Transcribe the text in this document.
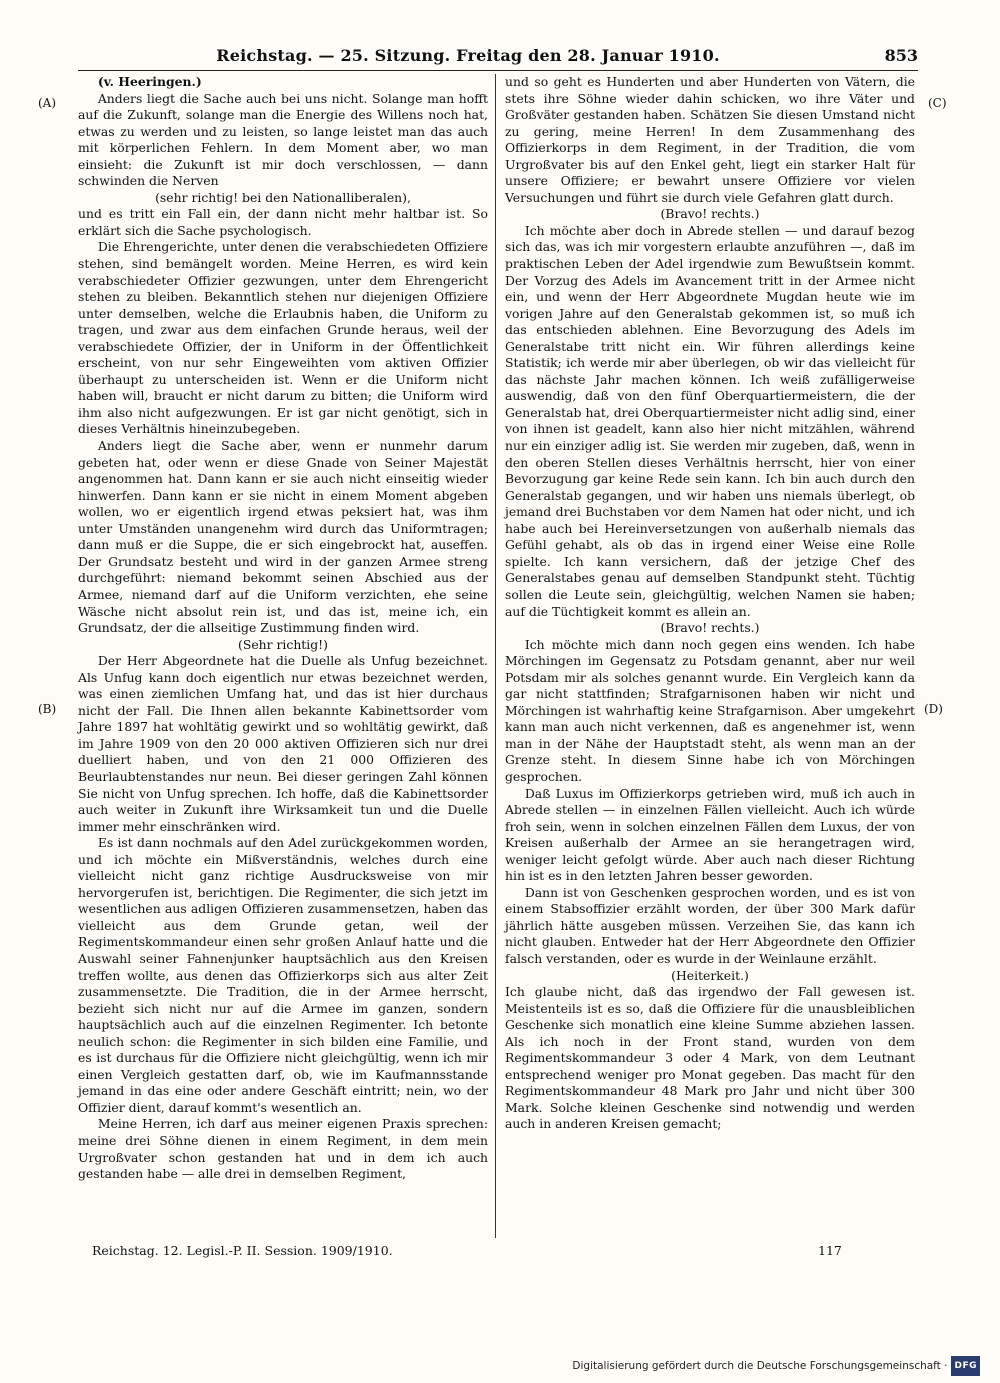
Reichstag. — 25. Sitzung. Freitag den 28. Januar 1910.	853
(A)
(B)
(C)
(D)

(v. Heeringen.)

Anders liegt die Sache auch bei uns nicht. Solange man hofft auf die Zukunft, solange man die Energie des Willens noch hat, etwas zu werden und zu leisten, so lange leistet man das auch mit körperlichen Fehlern. In dem Moment aber, wo man einsieht: die Zukunft ist mir doch verschlossen, — dann schwinden die Nerven

(sehr richtig! bei den Nationalliberalen),

und es tritt ein Fall ein, der dann nicht mehr haltbar ist. So erklärt sich die Sache psychologisch.

Die Ehrengerichte, unter denen die verabschiedeten Offiziere stehen, sind bemängelt worden. Meine Herren, es wird kein verabschiedeter Offizier gezwungen, unter dem Ehrengericht stehen zu bleiben. Bekanntlich stehen nur diejenigen Offiziere unter demselben, welche die Erlaubnis haben, die Uniform zu tragen, und zwar aus dem einfachen Grunde heraus, weil der verabschiedete Offizier, der in Uniform in der Öffentlichkeit erscheint, von nur sehr Eingeweihten vom aktiven Offizier überhaupt zu unterscheiden ist. Wenn er die Uniform nicht haben will, braucht er nicht darum zu bitten; die Uniform wird ihm also nicht aufgezwungen. Er ist gar nicht genötigt, sich in dieses Verhältnis hineinzubegeben.

Anders liegt die Sache aber, wenn er nunmehr darum gebeten hat, oder wenn er diese Gnade von Seiner Majestät angenommen hat. Dann kann er sie auch nicht einseitig wieder hinwerfen. Dann kann er sie nicht in einem Moment abgeben wollen, wo er eigentlich irgend etwas peksiert hat, was ihm unter Umständen unangenehm wird durch das Uniformtragen; dann muß er die Suppe, die er sich eingebrockt hat, auseffen. Der Grundsatz besteht und wird in der ganzen Armee streng durchgeführt: niemand bekommt seinen Abschied aus der Armee, niemand darf auf die Uniform verzichten, ehe seine Wäsche nicht absolut rein ist, und das ist, meine ich, ein Grundsatz, der die allseitige Zustimmung finden wird.

(Sehr richtig!)

Der Herr Abgeordnete hat die Duelle als Unfug bezeichnet. Als Unfug kann doch eigentlich nur etwas bezeichnet werden, was einen ziemlichen Umfang hat, und das ist hier durchaus nicht der Fall. Die Ihnen allen bekannte Kabinettsorder vom Jahre 1897 hat wohltätig gewirkt und so wohltätig gewirkt, daß im Jahre 1909 von den 20 000 aktiven Offizieren sich nur drei duelliert haben, und von den 21 000 Offizieren des Beurlaubtenstandes nur neun. Bei dieser geringen Zahl können Sie nicht von Unfug sprechen. Ich hoffe, daß die Kabinettsorder auch weiter in Zukunft ihre Wirksamkeit tun und die Duelle immer mehr einschränken wird.

Es ist dann nochmals auf den Adel zurückgekommen worden, und ich möchte ein Mißverständnis, welches durch eine vielleicht nicht ganz richtige Ausdrucksweise von mir hervorgerufen ist, berichtigen. Die Regimenter, die sich jetzt im wesentlichen aus adligen Offizieren zusammensetzen, haben das vielleicht aus dem Grunde getan, weil der Regimentskommandeur einen sehr großen Anlauf hatte und die Auswahl seiner Fahnenjunker hauptsächlich aus den Kreisen treffen wollte, aus denen das Offizierkorps sich aus alter Zeit zusammensetzte. Die Tradition, die in der Armee herrscht, bezieht sich nicht nur auf die Armee im ganzen, sondern hauptsächlich auch auf die einzelnen Regimenter. Ich betonte neulich schon: die Regimenter in sich bilden eine Familie, und es ist durchaus für die Offiziere nicht gleichgültig, wenn ich mir einen Vergleich gestatten darf, ob, wie im Kaufmannsstande jemand in das eine oder andere Geschäft eintritt; nein, wo der Offizier dient, darauf kommt's wesentlich an.

Meine Herren, ich darf aus meiner eigenen Praxis sprechen: meine drei Söhne dienen in einem Regiment, in dem mein Urgroßvater schon gestanden hat und in dem ich auch gestanden habe — alle drei in demselben Regiment,

und so geht es Hunderten und aber Hunderten von Vätern, die stets ihre Söhne wieder dahin schicken, wo ihre Väter und Großväter gestanden haben. Schätzen Sie diesen Umstand nicht zu gering, meine Herren! In dem Zusammenhang des Offizierkorps in dem Regiment, in der Tradition, die vom Urgroßvater bis auf den Enkel geht, liegt ein starker Halt für unsere Offiziere; er bewahrt unsere Offiziere vor vielen Versuchungen und führt sie durch viele Gefahren glatt durch.

(Bravo! rechts.)

Ich möchte aber doch in Abrede stellen — und darauf bezog sich das, was ich mir vorgestern erlaubte anzuführen —, daß im praktischen Leben der Adel irgendwie zum Bewußtsein kommt. Der Vorzug des Adels im Avancement tritt in der Armee nicht ein, und wenn der Herr Abgeordnete Mugdan heute wie im vorigen Jahre auf den Generalstab gekommen ist, so muß ich das entschieden ablehnen. Eine Bevorzugung des Adels im Generalstabe tritt nicht ein. Wir führen allerdings keine Statistik; ich werde mir aber überlegen, ob wir das vielleicht für das nächste Jahr machen können. Ich weiß zufälligerweise auswendig, daß von den fünf Oberquartiermeistern, die der Generalstab hat, drei Oberquartiermeister nicht adlig sind, einer von ihnen ist geadelt, kann also hier nicht mitzählen, während nur ein einziger adlig ist. Sie werden mir zugeben, daß, wenn in den oberen Stellen dieses Verhältnis herrscht, hier von einer Bevorzugung gar keine Rede sein kann. Ich bin auch durch den Generalstab gegangen, und wir haben uns niemals überlegt, ob jemand drei Buchstaben vor dem Namen hat oder nicht, und ich habe auch bei Hereinversetzungen von außerhalb niemals das Gefühl gehabt, als ob das in irgend einer Weise eine Rolle spielte. Ich kann versichern, daß der jetzige Chef des Generalstabes genau auf demselben Standpunkt steht. Tüchtig sollen die Leute sein, gleichgültig, welchen Namen sie haben; auf die Tüchtigkeit kommt es allein an.

(Bravo! rechts.)

Ich möchte mich dann noch gegen eins wenden. Ich habe Mörchingen im Gegensatz zu Potsdam genannt, aber nur weil Potsdam mir als solches genannt wurde. Ein Vergleich kann da gar nicht stattfinden; Strafgarnisonen haben wir nicht und Mörchingen ist wahrhaftig keine Strafgarnison. Aber umgekehrt kann man auch nicht verkennen, daß es angenehmer ist, wenn man in der Nähe der Hauptstadt steht, als wenn man an der Grenze steht. In diesem Sinne habe ich von Mörchingen gesprochen.

Daß Luxus im Offizierkorps getrieben wird, muß ich auch in Abrede stellen — in einzelnen Fällen vielleicht. Auch ich würde froh sein, wenn in solchen einzelnen Fällen dem Luxus, der von Kreisen außerhalb der Armee an sie herangetragen wird, weniger leicht gefolgt würde. Aber auch nach dieser Richtung hin ist es in den letzten Jahren besser geworden.

Dann ist von Geschenken gesprochen worden, und es ist von einem Stabsoffizier erzählt worden, der über 300 Mark dafür jährlich hätte ausgeben müssen. Verzeihen Sie, das kann ich nicht glauben. Entweder hat der Herr Abgeordnete den Offizier falsch verstanden, oder es wurde in der Weinlaune erzählt.

(Heiterkeit.)

Ich glaube nicht, daß das irgendwo der Fall gewesen ist. Meistenteils ist es so, daß die Offiziere für die unausbleiblichen Geschenke sich monatlich eine kleine Summe abziehen lassen. Als ich noch in der Front stand, wurden von dem Regimentskommandeur 3 oder 4 Mark, von dem Leutnant entsprechend weniger pro Monat gegeben. Das macht für den Regimentskommandeur 48 Mark pro Jahr und nicht über 300 Mark. Solche kleinen Geschenke sind notwendig und werden auch in anderen Kreisen gemacht;

Reichstag. 12. Legisl.-P. II. Session. 1909/1910.	117
Digitalisierung gefördert durch die Deutsche Forschungsgemeinschaft · DFG
